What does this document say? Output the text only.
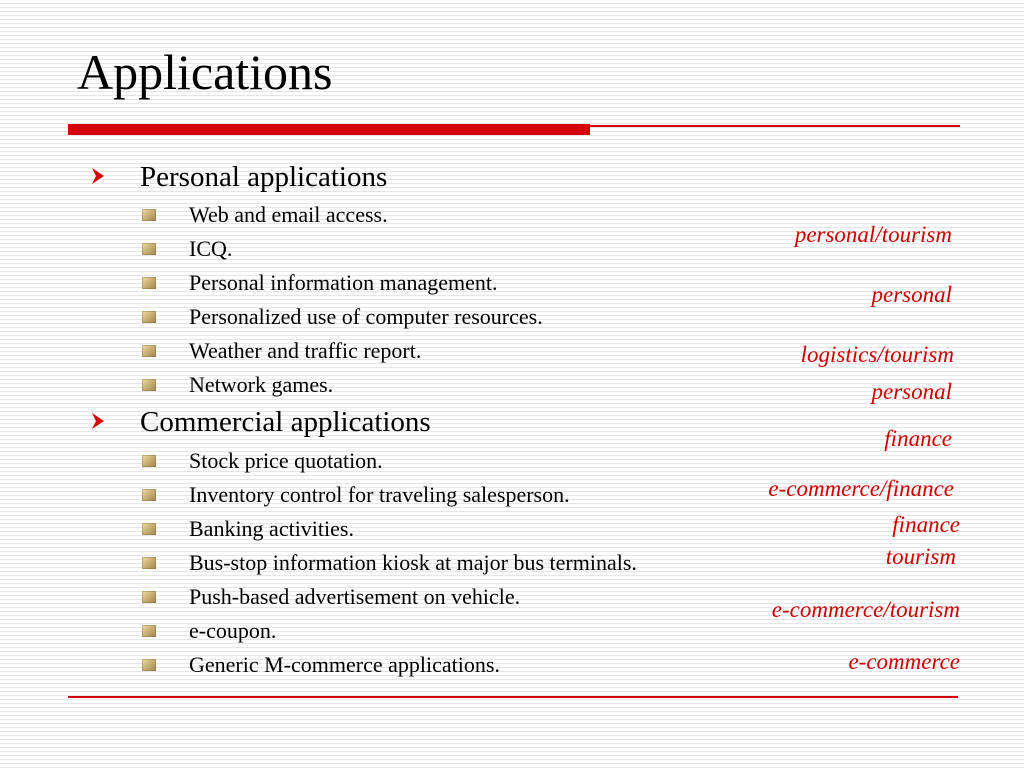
Applications
Personal applications
Web and email access.
ICQ.
Personal information management.
Personalized use of computer resources.
Weather and traffic report.
Network games.
Commercial applications
Stock price quotation.
Inventory control for traveling salesperson.
Banking activities.
Bus-stop information kiosk at major bus terminals.
Push-based advertisement on vehicle.
e-coupon.
Generic M-commerce applications.
personal/tourism
personal
logistics/tourism
personal
finance
e-commerce/finance
finance
tourism
e-commerce/tourism
e-commerce
